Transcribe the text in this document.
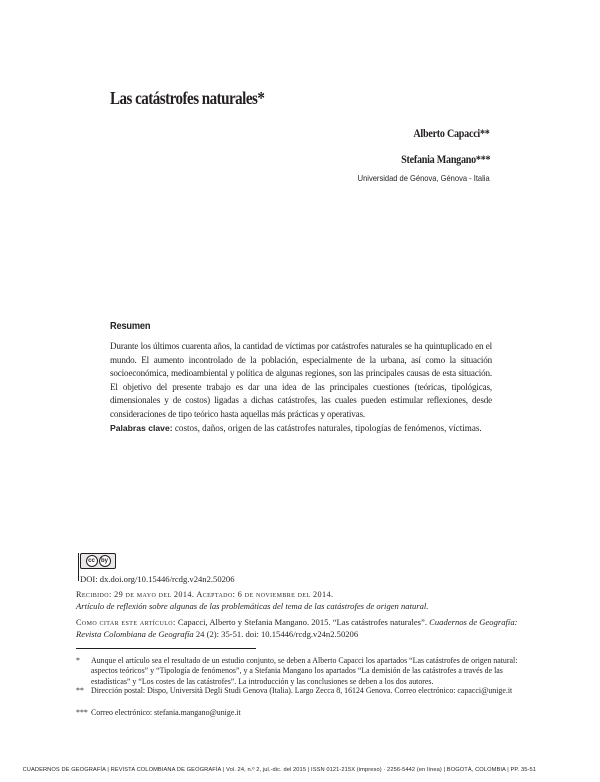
Las catástrofes naturales*
Alberto Capacci**
Stefania Mangano***
Universidad de Génova, Génova - Italia
Resumen
Durante los últimos cuarenta años, la cantidad de víctimas por catástrofes naturales se ha quintuplicado en el mundo. El aumento incontrolado de la población, especialmente de la urbana, así como la situación socioeconómica, medioambiental y política de algunas regiones, son las principales causas de esta situación. El objetivo del presente trabajo es dar una idea de las principales cuestiones (teóricas, tipológicas, dimensionales y de costos) ligadas a dichas catástrofes, las cuales pueden estimular reflexiones, desde consideraciones de tipo teórico hasta aquellas más prácticas y operativas.
Palabras clave: costos, daños, origen de las catástrofes naturales, tipologías de fenómenos, víctimas.
cc	by
DOI: dx.doi.org/10.15446/rcdg.v24n2.50206
Recibido: 29 de mayo del 2014. Aceptado: 6 de noviembre del 2014.
Artículo de reflexión sobre algunas de las problemáticas del tema de las catástrofes de origen natural.
Como citar este artículo: Capacci, Alberto y Stefania Mangano. 2015. “Las catástrofes naturales”. Cuadernos de Geografía: Revista Colombiana de Geografía 24 (2): 35-51. doi: 10.15446/rcdg.v24n2.50206
* Aunque el artículo sea el resultado de un estudio conjunto, se deben a Alberto Capacci los apartados “Las catástrofes de origen natural: aspectos teóricos” y “Tipología de fenómenos”, y a Stefania Mangano los apartados “La demisión de las catástrofes a través de las estadísticas” y “Los costes de las catástrofes”. La introducción y las conclusiones se deben a los dos autores.
** Dirección postal: Dispo, Università Degli Studi Genova (Italia). Largo Zecca 8, 16124 Genova. Correo electrónico: capacci@unige.it
*** Correo electrónico: stefania.mangano@unige.it
CUADERNOS DE GEOGRAFÍA | REVISTA COLOMBIANA DE GEOGRAFÍA | Vol. 24, n.º 2, jul.-dic. del 2015 | ISSN 0121-215X (impreso) · 2256-5442 (en línea) | BOGOTÁ, COLOMBIA | PP. 35-51
